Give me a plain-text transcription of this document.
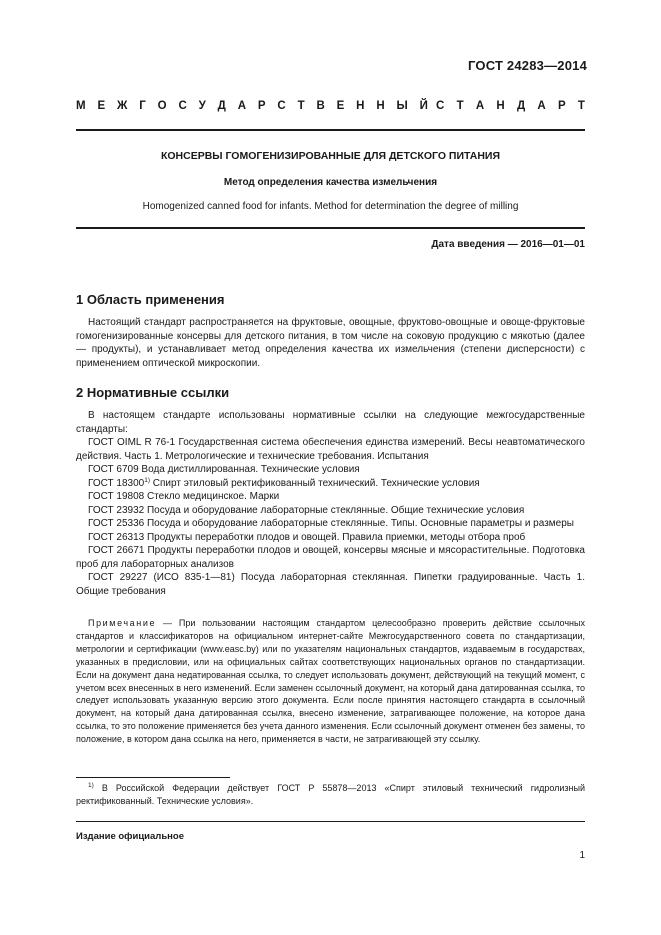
ГОСТ 24283—2014
М Е Ж Г О С У Д А Р С Т В Е Н Н Ы Й С Т А Н Д А Р Т
КОНСЕРВЫ ГОМОГЕНИЗИРОВАННЫЕ ДЛЯ ДЕТСКОГО ПИТАНИЯ
Метод определения качества измельчения
Homogenized canned food for infants. Method for determination the degree of milling
Дата введения — 2016—01—01
1 Область применения

Настоящий стандарт распространяется на фруктовые, овощные, фруктово-овощные и овоще-фруктовые гомогенизированные консервы для детского питания, в том числе на соковую продукцию с мякотью (далее — продукты), и устанавливает метод определения качества их измельчения (степени дисперсности) с применением оптической микроскопии.

2 Нормативные ссылки

В настоящем стандарте использованы нормативные ссылки на следующие межгосударственные стандарты:

ГОСТ OIML R 76-1 Государственная система обеспечения единства измерений. Весы неавтоматического действия. Часть 1. Метрологические и технические требования. Испытания

ГОСТ 6709 Вода дистиллированная. Технические условия

ГОСТ 18300$^{1)}$ Спирт этиловый ректификованный технический. Технические условия

ГОСТ 19808 Стекло медицинское. Марки

ГОСТ 23932 Посуда и оборудование лабораторные стеклянные. Общие технические условия

ГОСТ 25336 Посуда и оборудование лабораторные стеклянные. Типы. Основные параметры и размеры

ГОСТ 26313 Продукты переработки плодов и овощей. Правила приемки, методы отбора проб

ГОСТ 26671 Продукты переработки плодов и овощей, консервы мясные и мясорастительные. Подготовка проб для лабораторных анализов

ГОСТ 29227 (ИСО 835-1—81) Посуда лабораторная стеклянная. Пипетки градуированные. Часть 1. Общие требования

Примечание — При пользовании настоящим стандартом целесообразно проверить действие ссылочных стандартов и классификаторов на официальном интернет-сайте Межгосударственного совета по стандартизации, метрологии и сертификации (www.easc.by) или по указателям национальных стандартов, издаваемым в государствах, указанных в предисловии, или на официальных сайтах соответствующих национальных органов по стандартизации. Если на документ дана недатированная ссылка, то следует использовать документ, действующий на текущий момент, с учетом всех внесенных в него изменений. Если заменен ссылочный документ, на который дана датированная ссылка, то следует использовать указанную версию этого документа. Если после принятия настоящего стандарта в ссылочный документ, на который дана датированная ссылка, внесено изменение, затрагивающее положение, на которое дана ссылка, то это положение применяется без учета данного изменения. Если ссылочный документ отменен без замены, то положение, в котором дана ссылка на него, применяется в части, не затрагивающей эту ссылку.
$^{1)}$ В Российской Федерации действует ГОСТ Р 55878—2013 «Спирт этиловый технический гидролизный ректификованный. Технические условия».
Издание официальное
1
